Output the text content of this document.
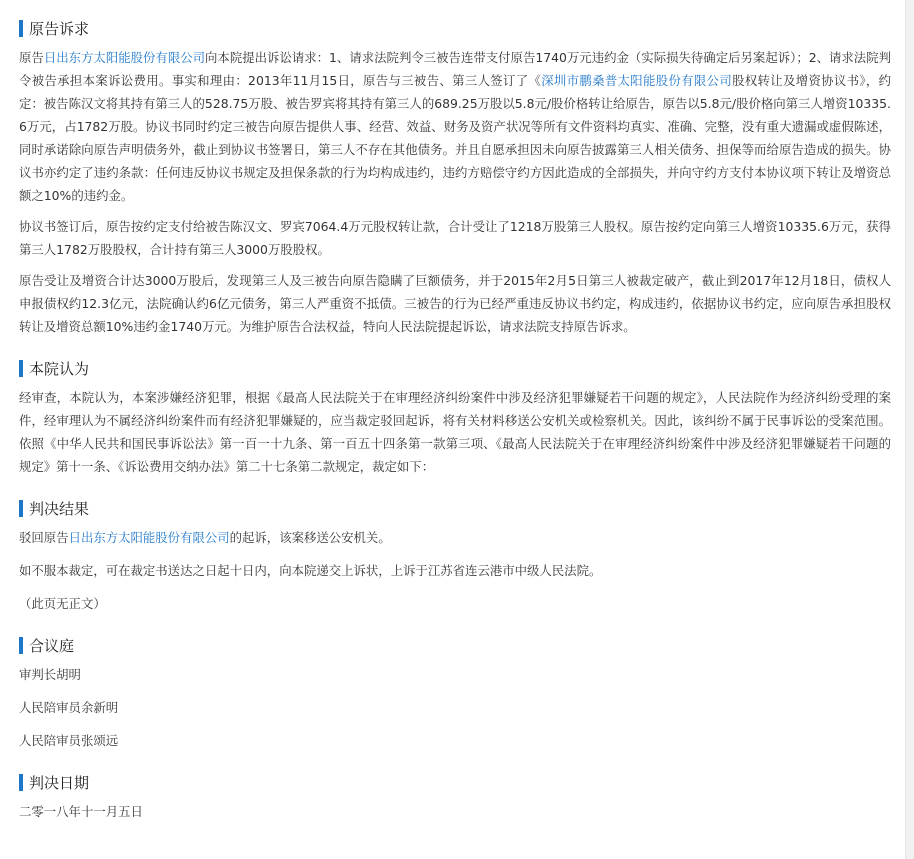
原告诉求

原告日出东方太阳能股份有限公司向本院提出诉讼请求：1、请求法院判令三被告连带支付原告1740万元违约金（实际损失待确定后另案起诉）；2、请求法院判令被告承担本案诉讼费用。事实和理由：2013年11月15日，原告与三被告、第三人签订了《深圳市鹏桑普太阳能股份有限公司股权转让及增资协议书》，约定：被告陈汉文将其持有第三人的528.75万股、被告罗宾将其持有第三人的689.25万股以5.8元/股价格转让给原告，原告以5.8元/股价格向第三人增资10335.6万元，占1782万股。协议书同时约定三被告向原告提供人事、经营、效益、财务及资产状况等所有文件资料均真实、准确、完整，没有重大遗漏或虚假陈述，同时承诺除向原告声明债务外，截止到协议书签署日，第三人不存在其他债务。并且自愿承担因未向原告披露第三人相关债务、担保等而给原告造成的损失。协议书亦约定了违约条款：任何违反协议书规定及担保条款的行为均构成违约，违约方赔偿守约方因此造成的全部损失，并向守约方支付本协议项下转让及增资总额之10%的违约金。

协议书签订后，原告按约定支付给被告陈汉文、罗宾7064.4万元股权转让款，合计受让了1218万股第三人股权。原告按约定向第三人增资10335.6万元，获得第三人1782万股股权，合计持有第三人3000万股股权。

原告受让及增资合计达3000万股后，发现第三人及三被告向原告隐瞒了巨额债务，并于2015年2月5日第三人被裁定破产，截止到2017年12月18日，债权人申报债权约12.3亿元，法院确认约6亿元债务，第三人严重资不抵债。三被告的行为已经严重违反协议书约定，构成违约，依据协议书约定，应向原告承担股权转让及增资总额10%违约金1740万元。为维护原告合法权益，特向人民法院提起诉讼，请求法院支持原告诉求。

本院认为

经审查，本院认为，本案涉嫌经济犯罪，根据《最高人民法院关于在审理经济纠纷案件中涉及经济犯罪嫌疑若干问题的规定》，人民法院作为经济纠纷受理的案件，经审理认为不属经济纠纷案件而有经济犯罪嫌疑的，应当裁定驳回起诉，将有关材料移送公安机关或检察机关。因此，该纠纷不属于民事诉讼的受案范围。依照《中华人民共和国民事诉讼法》第一百一十九条、第一百五十四条第一款第三项、《最高人民法院关于在审理经济纠纷案件中涉及经济犯罪嫌疑若干问题的规定》第十一条、《诉讼费用交纳办法》第二十七条第二款规定，裁定如下：

判决结果

驳回原告日出东方太阳能股份有限公司的起诉，该案移送公安机关。

如不服本裁定，可在裁定书送达之日起十日内，向本院递交上诉状，上诉于江苏省连云港市中级人民法院。

（此页无正文）

合议庭

审判长胡明

人民陪审员余新明

人民陪审员张颂远

判决日期

二零一八年十一月五日
